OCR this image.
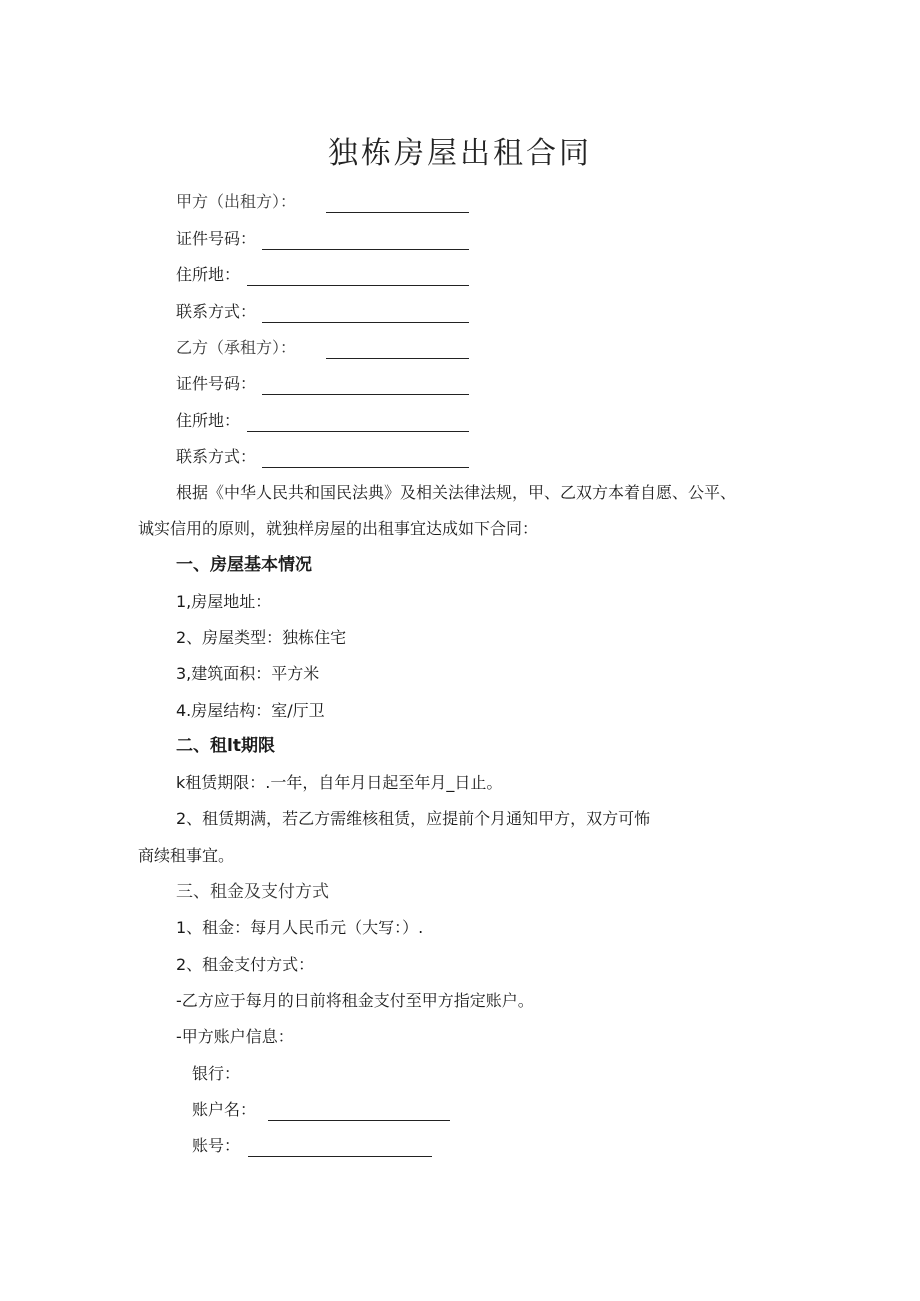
独栋房屋出租合同
甲方（出租方）：
证件号码：
住所地：
联系方式：
乙方（承租方）：
证件号码：
住所地：
联系方式：
根据《中华人民共和国民法典》及相关法律法规，甲、乙双方本着自愿、公平、
诚实信用的原则，就独样房屋的出租事宜达成如下合同：
一、房屋基本情况
1,房屋地址：
2、房屋类型：独栋住宅
3,建筑面积：平方米
4.房屋结构：室/厅卫
二、租lt期限
k租赁期限：.一年，自年月日起至年月_日止。
2、租赁期满，若乙方需维核租赁，应提前个月通知甲方，双方可怖
商续租事宜。
三、租金及支付方式
1、租金：每月人民币元（大写：）.
2、租金支付方式：
-乙方应于每月的日前将租金支付至甲方指定账户。
-甲方账户信息：
银行：
账户名：
账号：
